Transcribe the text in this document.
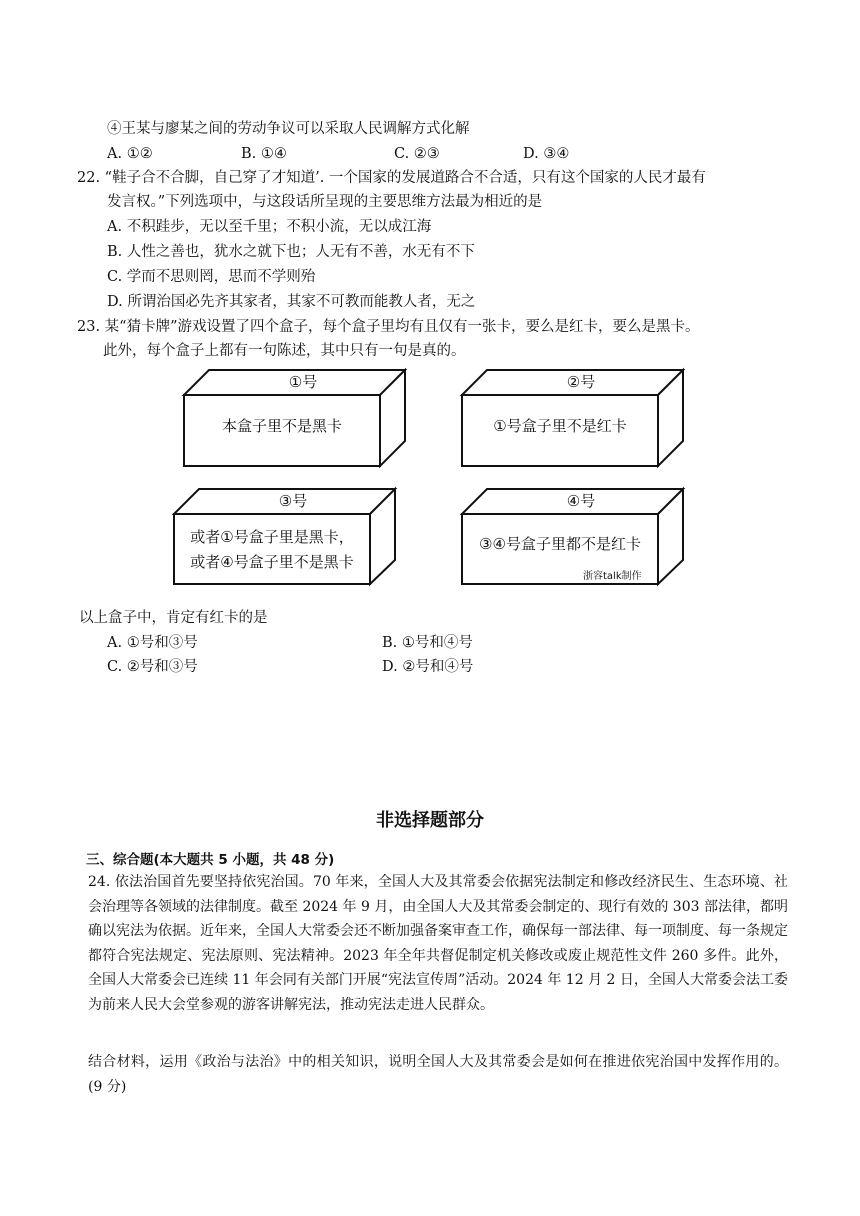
④王某与廖某之间的劳动争议可以采取人民调解方式化解
A. ①②	B. ①④	C. ②③	D. ③④
22. “鞋子合不合脚，自己穿了才知道’. 一个国家的发展道路合不合适，只有这个国家的人民才最有
发言权。”下列选项中，与这段话所呈现的主要思维方法最为相近的是
A. 不积跬步，无以至千里；不积小流，无以成江海
B. 人性之善也，犹水之就下也；人无有不善，水无有不下
C. 学而不思则罔，思而不学则殆
D. 所谓治国必先齐其家者，其家不可教而能教人者，无之
23. 某“猜卡牌”游戏设置了四个盒子，每个盒子里均有且仅有一张卡，要么是红卡，要么是黑卡。
此外，每个盒子上都有一句陈述，其中只有一句是真的。
①号
本盒子里不是黑卡
②号
①号盒子里不是红卡
③号
或者①号盒子里是黑卡，
或者④号盒子里不是黑卡
④号
③④号盒子里都不是红卡
浙容talk制作
以上盒子中，肯定有红卡的是
A. ①号和③号	B. ①号和④号
C. ②号和③号	D. ②号和④号
非选择题部分
三、综合题(本大题共 5 小题，共 48 分)
24. 依法治国首先要坚持依宪治国。70 年来，全国人大及其常委会依据宪法制定和修改经济民生、生态环境、社会治理等各领域的法律制度。截至 2024 年 9 月，由全国人大及其常委会制定的、现行有效的 303 部法律，都明确以宪法为依据。近年来，全国人大常委会还不断加强备案审查工作，确保每一部法律、每一项制度、每一条规定都符合宪法规定、宪法原则、宪法精神。2023 年全年共督促制定机关修改或废止规范性文件 260 多件。此外，全国人大常委会已连续 11 年会同有关部门开展“宪法宣传周”活动。2024 年 12 月 2 日，全国人大常委会法工委为前来人民大会堂参观的游客讲解宪法，推动宪法走进人民群众。
结合材料，运用《政治与法治》中的相关知识，说明全国人大及其常委会是如何在推进依宪治国中发挥作用的。 (9 分)
